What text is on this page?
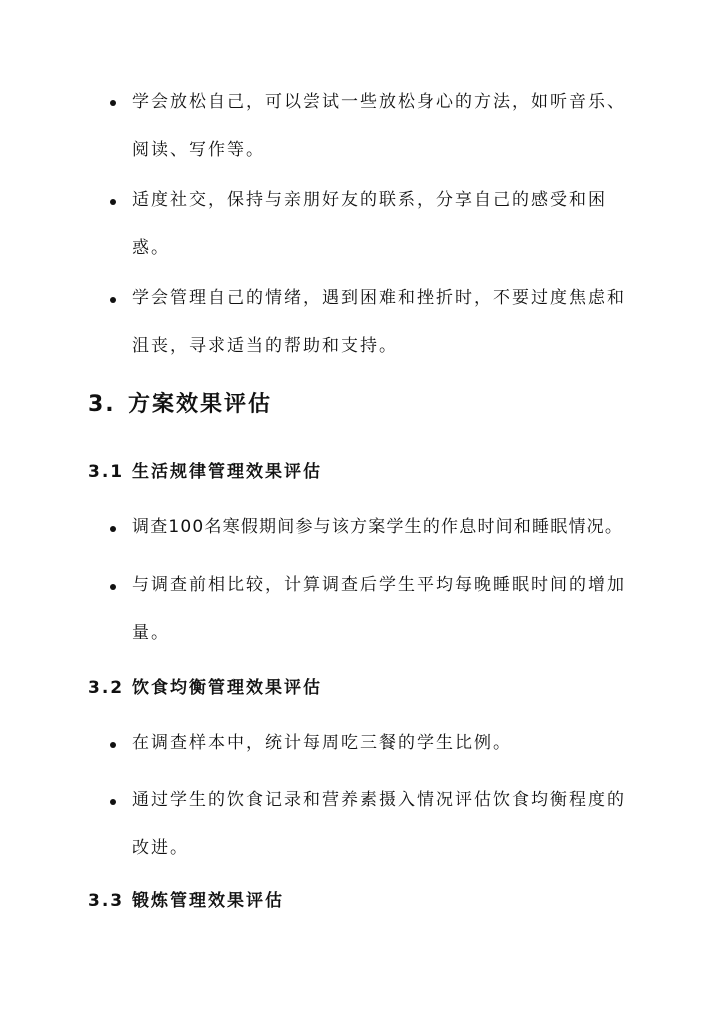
学会放松自己，可以尝试一些放松身心的方法，如听音乐、阅读、写作等。

适度社交，保持与亲朋好友的联系，分享自己的感受和困惑。

学会管理自己的情绪，遇到困难和挫折时，不要过度焦虑和沮丧，寻求适当的帮助和支持。

3. 方案效果评估
3.1 生活规律管理效果评估

调查100名寒假期间参与该方案学生的作息时间和睡眠情况。

与调查前相比较，计算调查后学生平均每晚睡眠时间的增加量。

3.2 饮食均衡管理效果评估

在调查样本中，统计每周吃三餐的学生比例。

通过学生的饮食记录和营养素摄入情况评估饮食均衡程度的改进。

3.3 锻炼管理效果评估
